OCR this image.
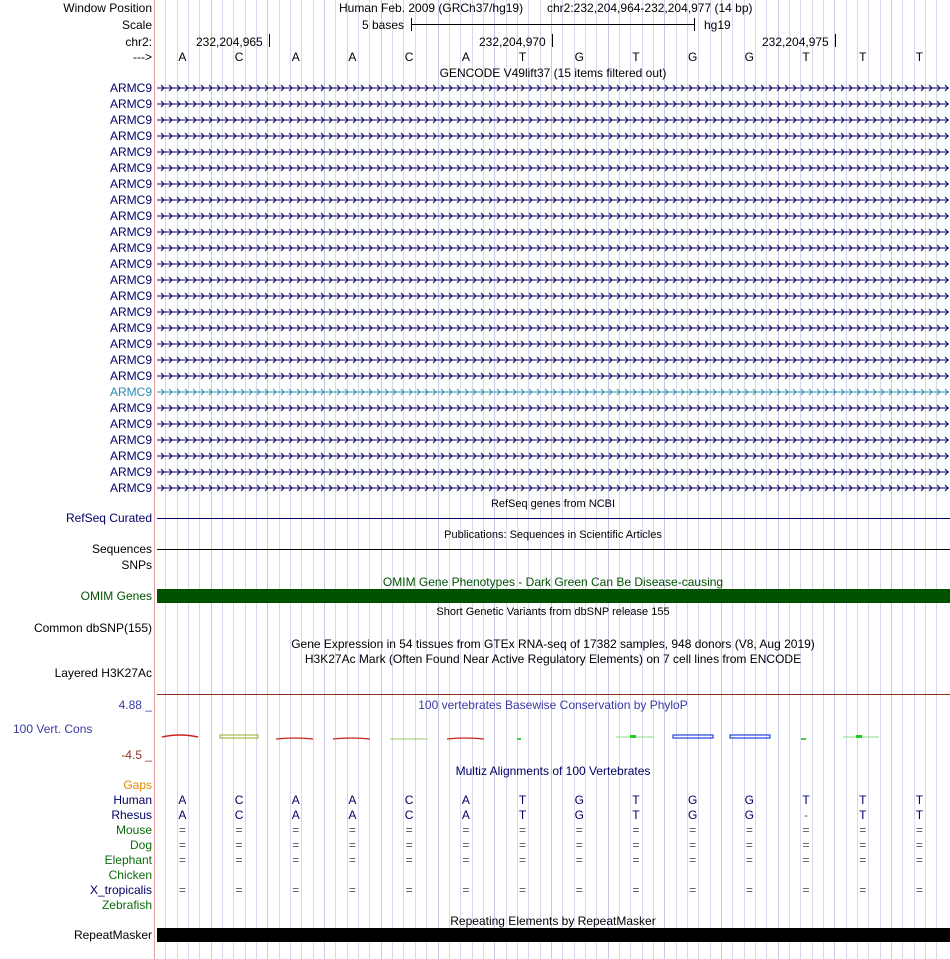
Window Position	Human Feb. 2009 (GRCh37/hg19) chr2:232,204,964-232,204,977 (14 bp)
Scale	5 bases	hg19
chr2:	232,204,965	232,204,970	232,204,975
---> A	C	A	A	C	A	T	G	T	G	G	T	T	T
GENCODE V49lift37 (15 items filtered out)
ARMC9
ARMC9
ARMC9
ARMC9
ARMC9
ARMC9
ARMC9
ARMC9
ARMC9
ARMC9
ARMC9
ARMC9
ARMC9
ARMC9
ARMC9
ARMC9
ARMC9
ARMC9
ARMC9
ARMC9
ARMC9
ARMC9
ARMC9
ARMC9
ARMC9
ARMC9
RefSeq genes from NCBI
RefSeq Curated
Publications: Sequences in Scientific Articles
Sequences
SNPs
OMIM Gene Phenotypes - Dark Green Can Be Disease-causing
OMIM Genes
Short Genetic Variants from dbSNP release 155
Common dbSNP(155)
Gene Expression in 54 tissues from GTEx RNA-seq of 17382 samples, 948 donors (V8, Aug 2019)
H3K27Ac Mark (Often Found Near Active Regulatory Elements) on 7 cell lines from ENCODE
Layered H3K27Ac
100 vertebrates Basewise Conservation by PhyloP
4.88 _
100 Vert. Cons
-4.5 _
Multiz Alignments of 100 Vertebrates
Gaps
Human A	C	A	A	C	A	T	G	T	G	G	T	T	T
Rhesus A	C	A	A	C	A	T	G	T	G	G	-	T	T
Mouse =	=	=	=	=	=	=	=	=	=	=	=	=	=
Dog =	=	=	=	=	=	=	=	=	=	=	=	=	=
Elephant =	=	=	=	=	=	=	=	=	=	=	=	=	=
Chicken
X_tropicalis =	=	=	=	=	=	=	=	=	=	=	=	=	=
Zebrafish
Repeating Elements by RepeatMasker
RepeatMasker
